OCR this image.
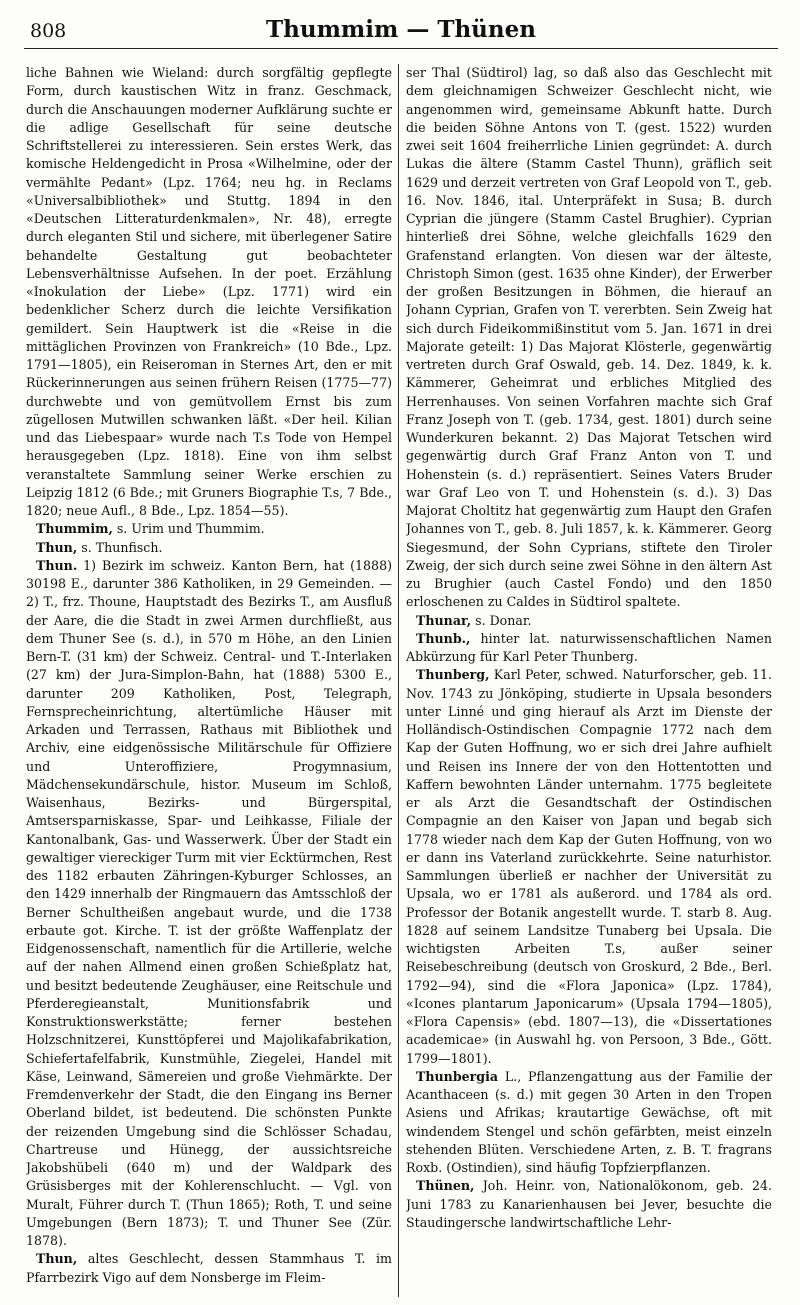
808	Thummim — Thünen

liche Bahnen wie Wieland: durch sorgfältig gepflegte Form, durch kaustischen Witz in franz. Geschmack, durch die Anschauungen moderner Aufklärung suchte er die adlige Gesellschaft für seine deutsche Schriftstellerei zu interessieren. Sein erstes Werk, das komische Heldengedicht in Prosa «Wilhelmine, oder der vermählte Pedant» (Lpz. 1764; neu hg. in Reclams «Universalbibliothek» und Stuttg. 1894 in den «Deutschen Litteraturdenkmalen», Nr. 48), erregte durch eleganten Stil und sichere, mit überlegener Satire behandelte Gestaltung gut beobachteter Lebensverhältnisse Aufsehen. In der poet. Erzählung «Inokulation der Liebe» (Lpz. 1771) wird ein bedenklicher Scherz durch die leichte Versifikation gemildert. Sein Hauptwerk ist die «Reise in die mittäglichen Provinzen von Frankreich» (10 Bde., Lpz. 1791—1805), ein Reiseroman in Sternes Art, den er mit Rückerinnerungen aus seinen frühern Reisen (1775—77) durchwebte und von gemütvollem Ernst bis zum zügellosen Mutwillen schwanken läßt. «Der heil. Kilian und das Liebespaar» wurde nach T.s Tode von Hempel herausgegeben (Lpz. 1818). Eine von ihm selbst veranstaltete Sammlung seiner Werke erschien zu Leipzig 1812 (6 Bde.; mit Gruners Biographie T.s, 7 Bde., 1820; neue Aufl., 8 Bde., Lpz. 1854—55).

Thummim, s. Urim und Thummim.

Thun, s. Thunfisch.

Thun. 1) Bezirk im schweiz. Kanton Bern, hat (1888) 30198 E., darunter 386 Katholiken, in 29 Gemeinden. — 2) T., frz. Thoune, Hauptstadt des Bezirks T., am Ausfluß der Aare, die die Stadt in zwei Armen durchfließt, aus dem Thuner See (s. d.), in 570 m Höhe, an den Linien Bern-T. (31 km) der Schweiz. Central- und T.-Interlaken (27 km) der Jura-Simplon-Bahn, hat (1888) 5300 E., darunter 209 Katholiken, Post, Telegraph, Fernsprecheinrichtung, altertümliche Häuser mit Arkaden und Terrassen, Rathaus mit Bibliothek und Archiv, eine eidgenössische Militärschule für Offiziere und Unteroffiziere, Progymnasium, Mädchensekundärschule, histor. Museum im Schloß, Waisenhaus, Bezirks- und Bürgerspital, Amtsersparniskasse, Spar- und Leihkasse, Filiale der Kantonalbank, Gas- und Wasserwerk. Über der Stadt ein gewaltiger viereckiger Turm mit vier Ecktürmchen, Rest des 1182 erbauten Zähringen-Kyburger Schlosses, an den 1429 innerhalb der Ringmauern das Amtsschloß der Berner Schultheißen angebaut wurde, und die 1738 erbaute got. Kirche. T. ist der größte Waffenplatz der Eidgenossenschaft, namentlich für die Artillerie, welche auf der nahen Allmend einen großen Schießplatz hat, und besitzt bedeutende Zeughäuser, eine Reitschule und Pferderegieanstalt, Munitionsfabrik und Konstruktionswerkstätte; ferner bestehen Holzschnitzerei, Kunsttöpferei und Majolikafabrikation, Schiefertafelfabrik, Kunstmühle, Ziegelei, Handel mit Käse, Leinwand, Sämereien und große Viehmärkte. Der Fremdenverkehr der Stadt, die den Eingang ins Berner Oberland bildet, ist bedeutend. Die schönsten Punkte der reizenden Umgebung sind die Schlösser Schadau, Chartreuse und Hünegg, der aussichtsreiche Jakobshübeli (640 m) und der Waldpark des Grüsisberges mit der Kohlerenschlucht. — Vgl. von Muralt, Führer durch T. (Thun 1865); Roth, T. und seine Umgebungen (Bern 1873); T. und Thuner See (Zür. 1878).

Thun, altes Geschlecht, dessen Stammhaus T. im Pfarrbezirk Vigo auf dem Nonsberge im Fleim-

ser Thal (Südtirol) lag, so daß also das Geschlecht mit dem gleichnamigen Schweizer Geschlecht nicht, wie angenommen wird, gemeinsame Abkunft hatte. Durch die beiden Söhne Antons von T. (gest. 1522) wurden zwei seit 1604 freiherrliche Linien gegründet: A. durch Lukas die ältere (Stamm Castel Thunn), gräflich seit 1629 und derzeit vertreten von Graf Leopold von T., geb. 16. Nov. 1846, ital. Unterpräfekt in Susa; B. durch Cyprian die jüngere (Stamm Castel Brughier). Cyprian hinterließ drei Söhne, welche gleichfalls 1629 den Grafenstand erlangten. Von diesen war der älteste, Christoph Simon (gest. 1635 ohne Kinder), der Erwerber der großen Besitzungen in Böhmen, die hierauf an Johann Cyprian, Grafen von T. vererbten. Sein Zweig hat sich durch Fideikommißinstitut vom 5. Jan. 1671 in drei Majorate geteilt: 1) Das Majorat Klösterle, gegenwärtig vertreten durch Graf Oswald, geb. 14. Dez. 1849, k. k. Kämmerer, Geheimrat und erbliches Mitglied des Herrenhauses. Von seinen Vorfahren machte sich Graf Franz Joseph von T. (geb. 1734, gest. 1801) durch seine Wunderkuren bekannt. 2) Das Majorat Tetschen wird gegenwärtig durch Graf Franz Anton von T. und Hohenstein (s. d.) repräsentiert. Seines Vaters Bruder war Graf Leo von T. und Hohenstein (s. d.). 3) Das Majorat Choltitz hat gegenwärtig zum Haupt den Grafen Johannes von T., geb. 8. Juli 1857, k. k. Kämmerer. Georg Siegesmund, der Sohn Cyprians, stiftete den Tiroler Zweig, der sich durch seine zwei Söhne in den ältern Ast zu Brughier (auch Castel Fondo) und den 1850 erloschenen zu Caldes in Südtirol spaltete.

Thunar, s. Donar.

Thunb., hinter lat. naturwissenschaftlichen Namen Abkürzung für Karl Peter Thunberg.

Thunberg, Karl Peter, schwed. Naturforscher, geb. 11. Nov. 1743 zu Jönköping, studierte in Upsala besonders unter Linné und ging hierauf als Arzt im Dienste der Holländisch-Ostindischen Compagnie 1772 nach dem Kap der Guten Hoffnung, wo er sich drei Jahre aufhielt und Reisen ins Innere der von den Hottentotten und Kaffern bewohnten Länder unternahm. 1775 begleitete er als Arzt die Gesandtschaft der Ostindischen Compagnie an den Kaiser von Japan und begab sich 1778 wieder nach dem Kap der Guten Hoffnung, von wo er dann ins Vaterland zurückkehrte. Seine naturhistor. Sammlungen überließ er nachher der Universität zu Upsala, wo er 1781 als außerord. und 1784 als ord. Professor der Botanik angestellt wurde. T. starb 8. Aug. 1828 auf seinem Landsitze Tunaberg bei Upsala. Die wichtigsten Arbeiten T.s, außer seiner Reisebeschreibung (deutsch von Groskurd, 2 Bde., Berl. 1792—94), sind die «Flora Japonica» (Lpz. 1784), «Icones plantarum Japonicarum» (Upsala 1794—1805), «Flora Capensis» (ebd. 1807—13), die «Dissertationes academicae» (in Auswahl hg. von Persoon, 3 Bde., Gött. 1799—1801).

Thunbergia L., Pflanzengattung aus der Familie der Acanthaceen (s. d.) mit gegen 30 Arten in den Tropen Asiens und Afrikas; krautartige Gewächse, oft mit windendem Stengel und schön gefärbten, meist einzeln stehenden Blüten. Verschiedene Arten, z. B. T. fragrans Roxb. (Ostindien), sind häufig Topfzierpflanzen.

Thünen, Joh. Heinr. von, Nationalökonom, geb. 24. Juni 1783 zu Kanarienhausen bei Jever, besuchte die Staudingersche landwirtschaftliche Lehr-
